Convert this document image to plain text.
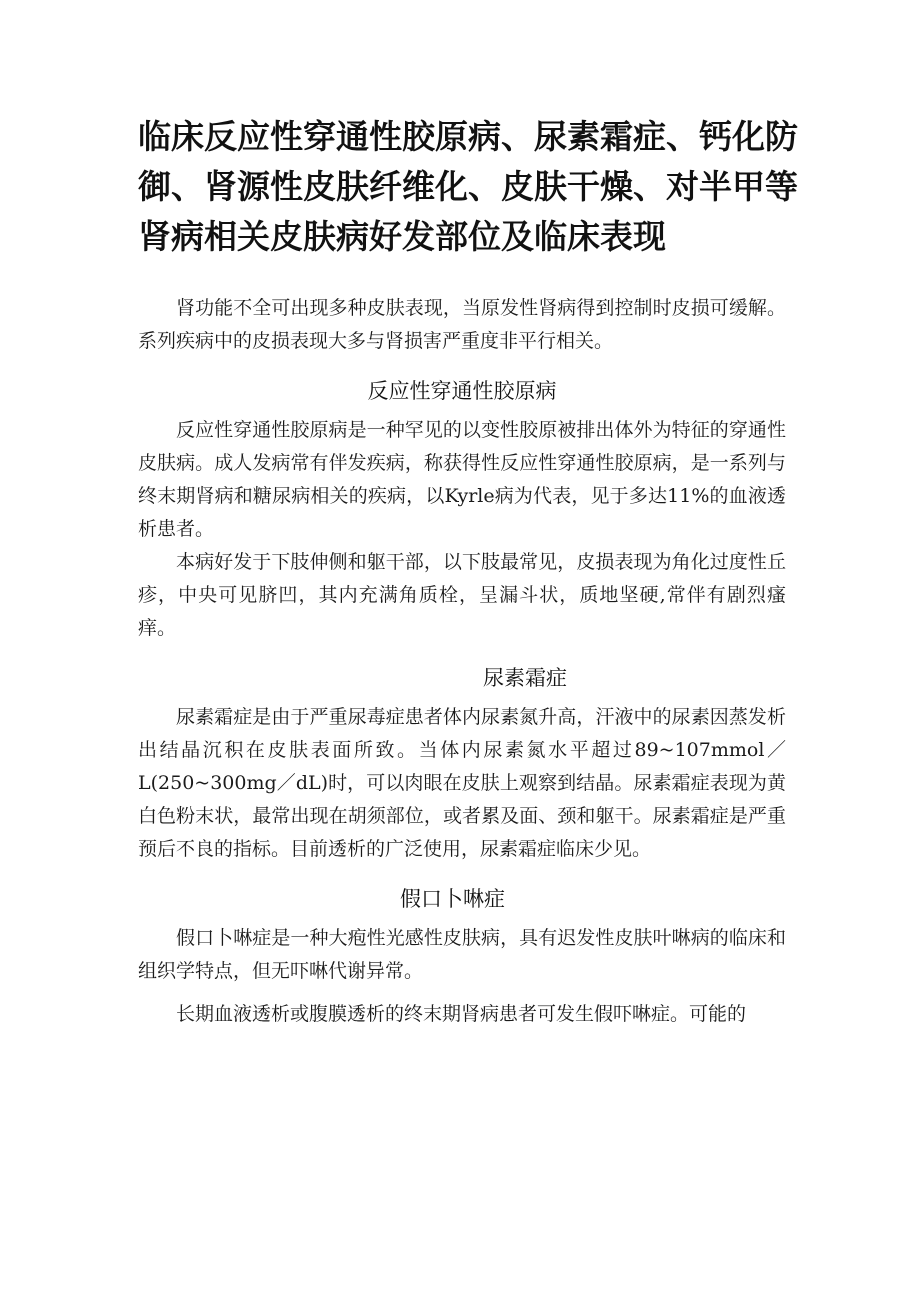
临床反应性穿通性胶原病、尿素霜症、钙化防御、肾源性皮肤纤维化、皮肤干燥、对半甲等肾病相关皮肤病好发部位及临床表现

肾功能不全可出现多种皮肤表现，当原发性肾病得到控制时皮损可缓解。系列疾病中的皮损表现大多与肾损害严重度非平行相关。

反应性穿通性胶原病

反应性穿通性胶原病是一种罕见的以变性胶原被排出体外为特征的穿通性皮肤病。成人发病常有伴发疾病，称获得性反应性穿通性胶原病，是一系列与终末期肾病和糖尿病相关的疾病，以Kyrle病为代表，见于多达11%的血液透析患者。

本病好发于下肢伸侧和躯干部，以下肢最常见，皮损表现为角化过度性丘疹，中央可见脐凹，其内充满角质栓，呈漏斗状，质地坚硬,常伴有剧烈瘙痒。

尿素霜症

尿素霜症是由于严重尿毒症患者体内尿素氮升高，汗液中的尿素因蒸发析出结晶沉积在皮肤表面所致。当体内尿素氮水平超过89~107mmol／L(250~300mg／dL)时，可以肉眼在皮肤上观察到结晶。尿素霜症表现为黄白色粉末状，最常出现在胡须部位，或者累及面、颈和躯干。尿素霜症是严重预后不良的指标。目前透析的广泛使用，尿素霜症临床少见。

假口卜啉症

假口卜啉症是一种大疱性光感性皮肤病，具有迟发性皮肤叶啉病的临床和组织学特点，但无吓啉代谢异常。

长期血液透析或腹膜透析的终末期肾病患者可发生假吓啉症。可能的
